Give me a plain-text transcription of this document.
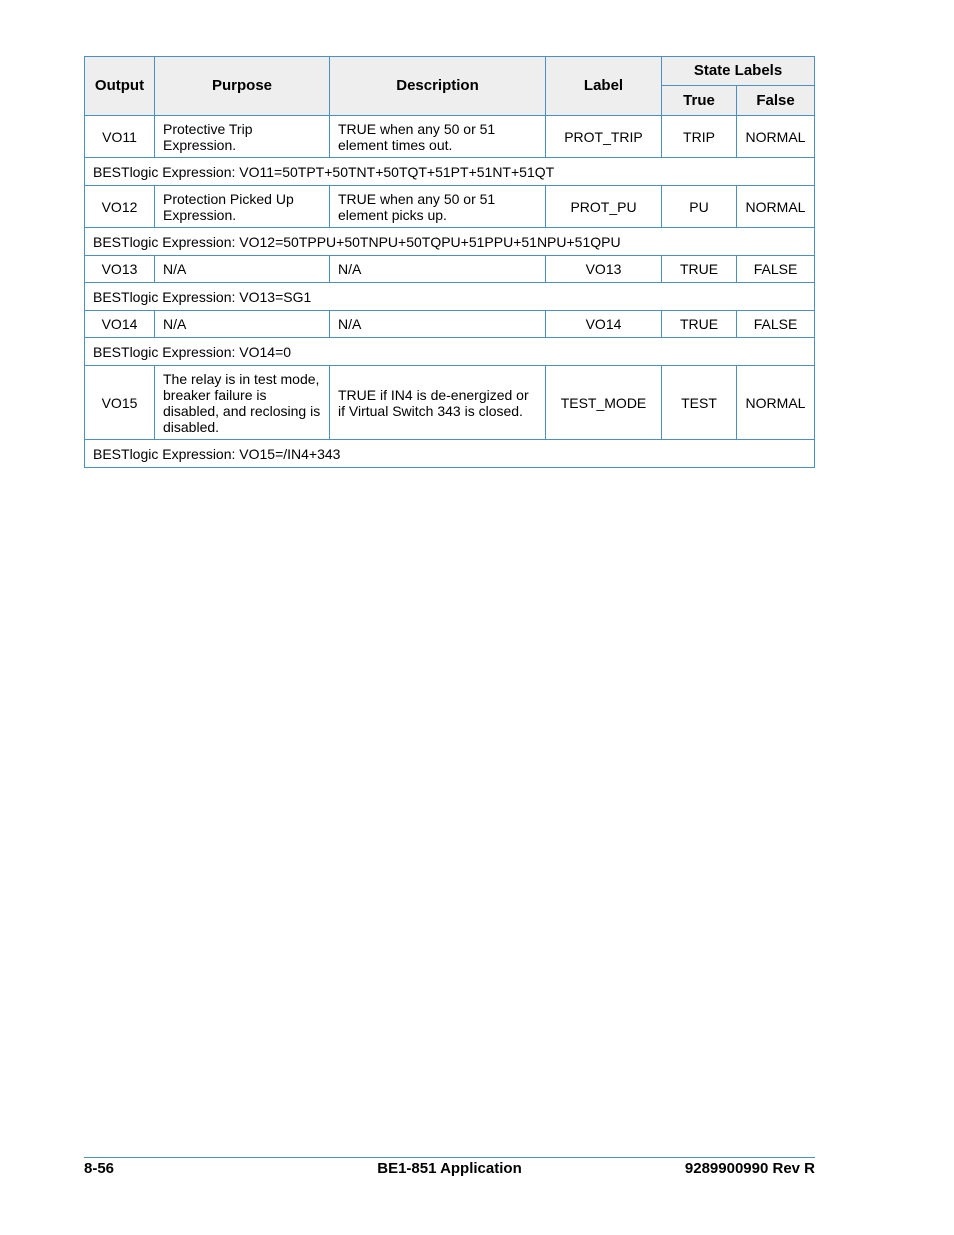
Output	Purpose	Description	Label	State Labels	
				True	False
VO11	Protective Trip Expression.	TRUE when any 50 or 51 element times out.	PROT_TRIP	TRIP	NORMAL
BESTlogic Expression: VO11=50TPT+50TNT+50TQT+51PT+51NT+51QT					
VO12	Protection Picked Up Expression.	TRUE when any 50 or 51 element picks up.	PROT_PU	PU	NORMAL
BESTlogic Expression: VO12=50TPPU+50TNPU+50TQPU+51PPU+51NPU+51QPU					
VO13	N/A	N/A	VO13	TRUE	FALSE
BESTlogic Expression: VO13=SG1					
VO14	N/A	N/A	VO14	TRUE	FALSE
BESTlogic Expression: VO14=0					
VO15	The relay is in test mode, breaker failure is disabled, and reclosing is disabled.	TRUE if IN4 is de-energized or if Virtual Switch 343 is closed.	TEST_MODE	TEST	NORMAL
BESTlogic Expression: VO15=/IN4+343					
8-56	BE1-851 Application	9289900990 Rev R
